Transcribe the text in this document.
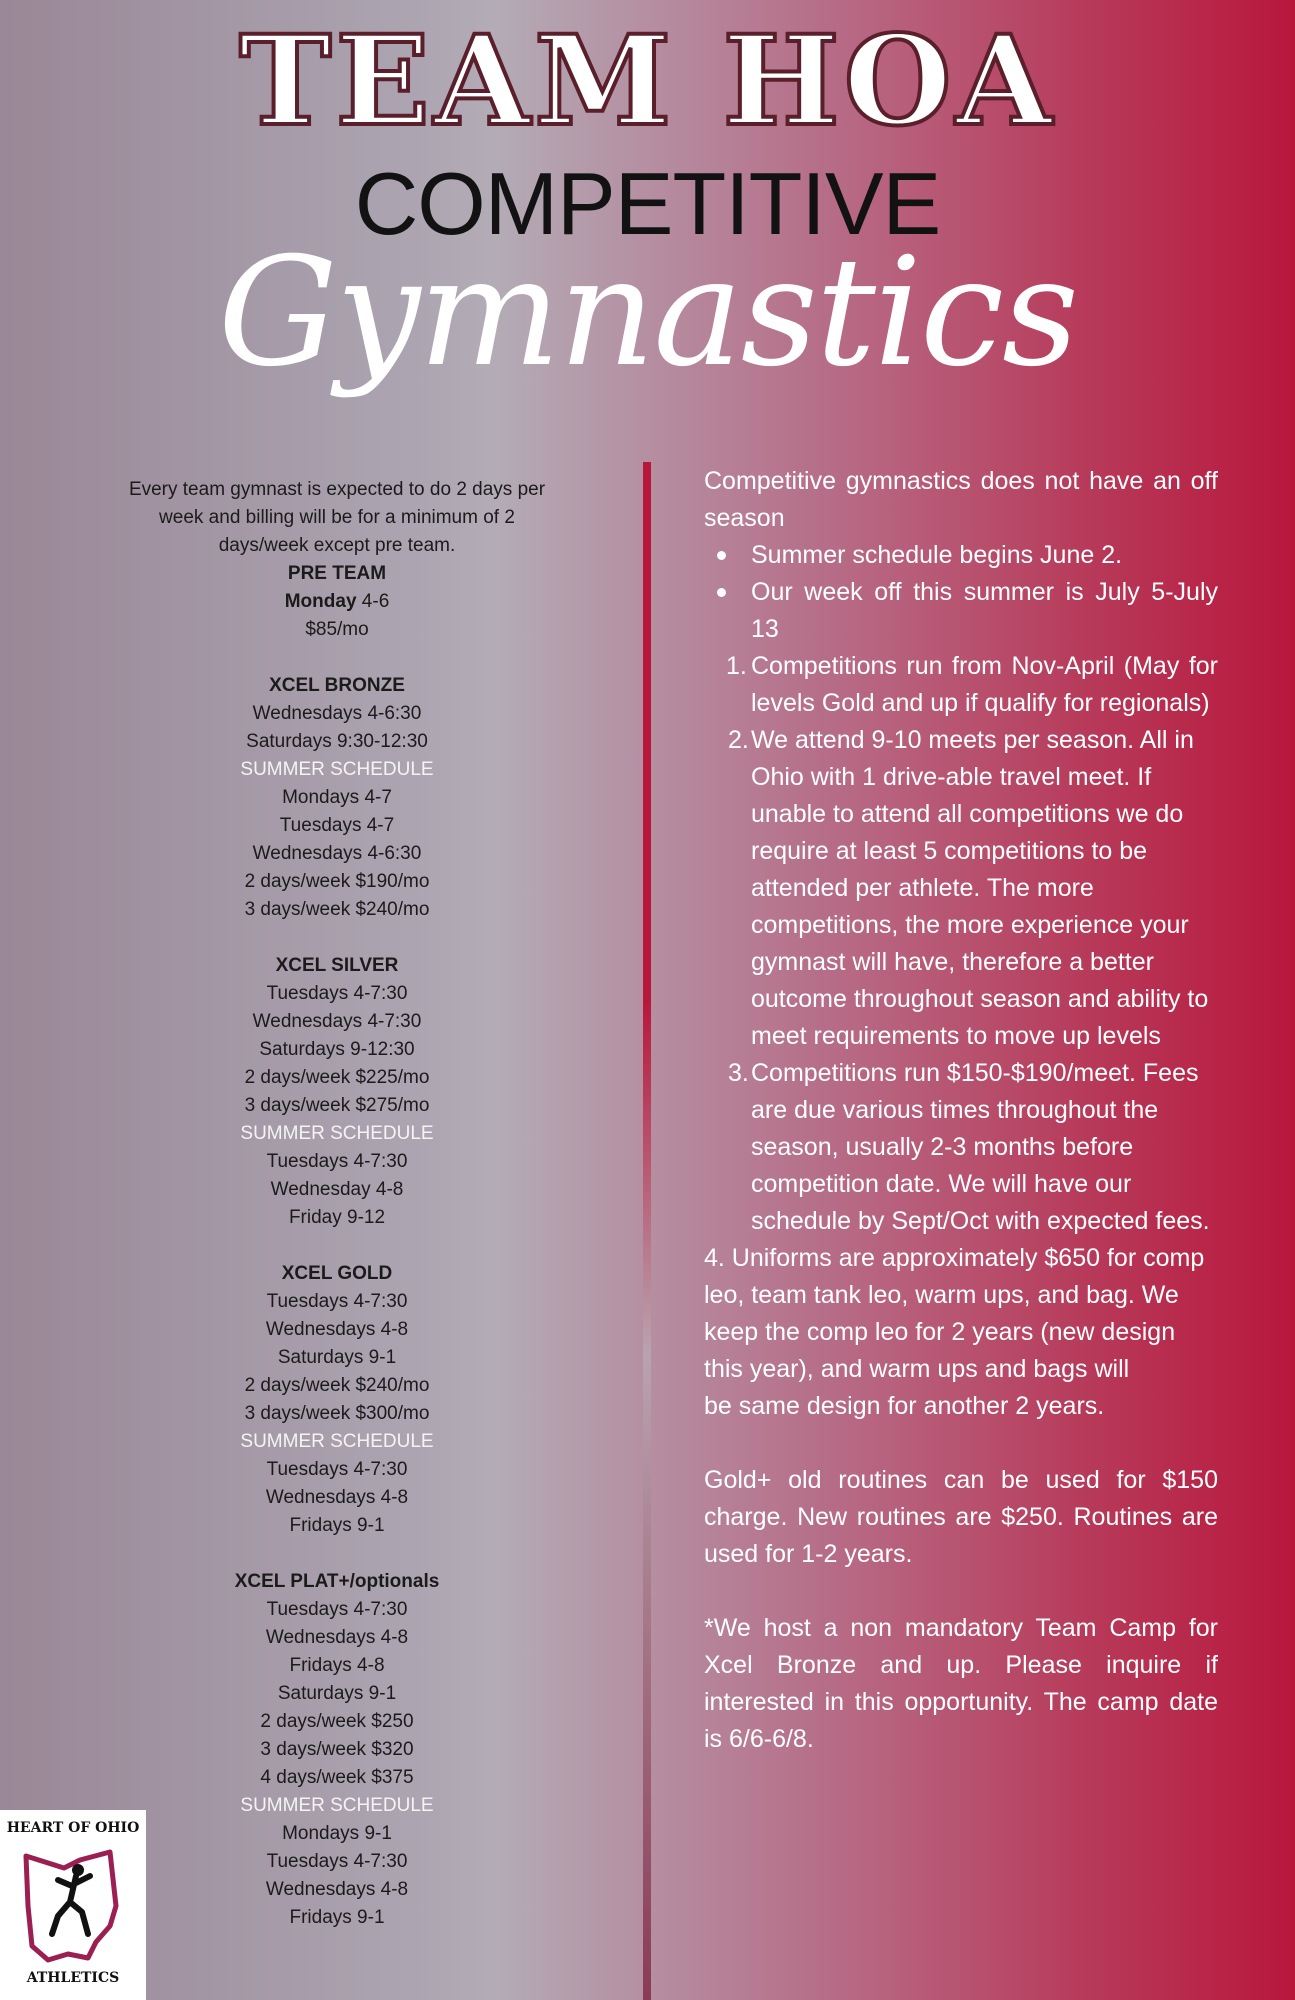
TEAM HOA
COMPETITIVE
Gymnastics

Every team gymnast is expected to do 2 days per

week and billing will be for a minimum of 2

days/week except pre team.

PRE TEAM

Monday 4-6

$85/mo

XCEL BRONZE

Wednesdays 4-6:30

Saturdays 9:30-12:30

SUMMER SCHEDULE

Mondays 4-7

Tuesdays 4-7

Wednesdays 4-6:30

2 days/week $190/mo

3 days/week $240/mo

XCEL SILVER

Tuesdays 4-7:30

Wednesdays 4-7:30

Saturdays 9-12:30

2 days/week $225/mo

3 days/week $275/mo

SUMMER SCHEDULE

Tuesdays 4-7:30

Wednesday 4-8

Friday 9-12

XCEL GOLD

Tuesdays 4-7:30

Wednesdays 4-8

Saturdays 9-1

2 days/week $240/mo

3 days/week $300/mo

SUMMER SCHEDULE

Tuesdays 4-7:30

Wednesdays 4-8

Fridays 9-1

XCEL PLAT+/optionals

Tuesdays 4-7:30

Wednesdays 4-8

Fridays 4-8

Saturdays 9-1

2 days/week $250

3 days/week $320

4 days/week $375

SUMMER SCHEDULE

Mondays 9-1

Tuesdays 4-7:30

Wednesdays 4-8

Fridays 9-1

Competitive gymnastics does not have an off season

Summer schedule begins June 2.

Our week off this summer is July 5-July 13

1. Competitions run from Nov-April (May for levels Gold and up if qualify for regionals)
2. We attend 9-10 meets per season. All in Ohio with 1 drive-able travel meet. If unable to attend all competitions we do require at least 5 competitions to be attended per athlete. The more competitions, the more experience your gymnast will have, therefore a better outcome throughout season and ability to meet requirements to move up levels
3. Competitions run $150-$190/meet. Fees are due various times throughout the season, usually 2-3 months before competition date. We will have our schedule by Sept/Oct with expected fees.

4. Uniforms are approximately $650 for comp leo, team tank leo, warm ups, and bag. We keep the comp leo for 2 years (new design this year), and warm ups and bags will

be same design for another 2 years.

Gold+ old routines can be used for $150 charge. New routines are $250. Routines are used for 1-2 years.

*We host a non mandatory Team Camp for Xcel Bronze and up. Please inquire if interested in this opportunity. The camp date is 6/6-6/8.

HEART OF OHIO
ATHLETICS
